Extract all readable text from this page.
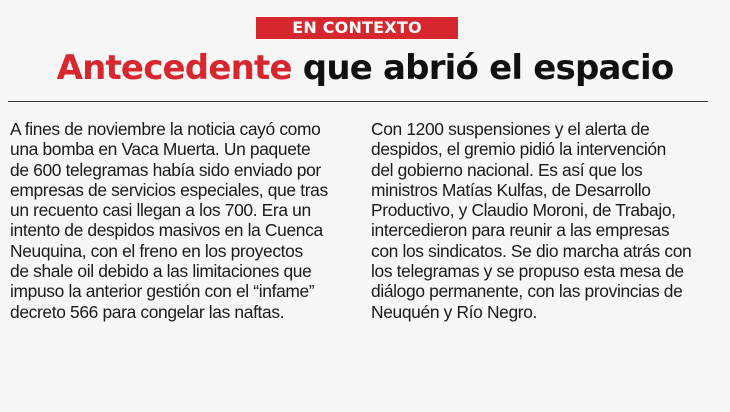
EN CONTEXTO
Antecedente que abrió el espacio
A fines de noviembre la noticia cayó como
una bomba en Vaca Muerta. Un paquete
de 600 telegramas había sido enviado por
empresas de servicios especiales, que tras
un recuento casi llegan a los 700. Era un
intento de despidos masivos en la Cuenca
Neuquina, con el freno en los proyectos
de shale oil debido a las limitaciones que
impuso la anterior gestión con el “infame”
decreto 566 para congelar las naftas.
Con 1200 suspensiones y el alerta de
despidos, el gremio pidió la intervención
del gobierno nacional. Es así que los
ministros Matías Kulfas, de Desarrollo
Productivo, y Claudio Moroni, de Trabajo,
intercedieron para reunir a las empresas
con los sindicatos. Se dio marcha atrás con
los telegramas y se propuso esta mesa de
diálogo permanente, con las provincias de
Neuquén y Río Negro.
